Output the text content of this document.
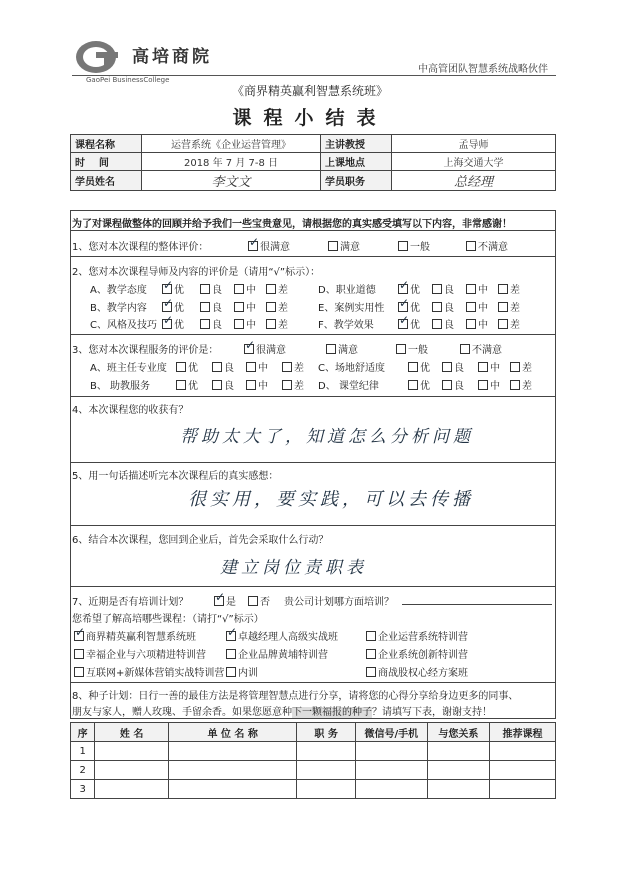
高培商院
GaoPei BusinessCollege
中高管团队智慧系统战略伙伴
《商界精英赢利智慧系统班》
课程小结表
课程名称	运营系统《企业运营管理》	主讲教授	孟导师
时    间	2018 年 7 月 7-8 日	上课地点	上海交通大学
学员姓名	李文文	学员职务	总经理
为了对课程做整体的回顾并给予我们一些宝贵意见，请根据您的真实感受填写以下内容，非常感谢！
1、您对本次课程的整体评价： ✓	很满意	满意	一般	不满意
2、您对本次课程导师及内容的评价是（请用“√”标示）：
A、教学态度 ✓	优	良	中	差
B、教学内容 ✓	优	良	中	差
C、风格及技巧 ✓	优	良	中	差
D、职业道德 ✓	优	良	中	差
E、案例实用性 ✓	优	良	中	差
F、教学效果 ✓	优	良	中	差
3、您对本次课程服务的评价是： ✓	很满意	满意	一般	不满意
A、班主任专业度	优	良	中	差
B、 助教服务	优	良	中	差
C、场地舒适度	优	良	中	差
D、 课堂纪律	优	良	中	差
4、本次课程您的收获有？
帮助太大了，知道怎么分析问题
5、用一句话描述听完本次课程后的真实感想：
很实用，要实践，可以去传播
6、结合本次课程，您回到企业后，首先会采取什么行动？
建立岗位责职表
7、近期是否有培训计划？ ✓	是	否 贵公司计划哪方面培训？
您希望了解高培哪些课程：（请打“√”标示）
✓商界精英赢利智慧系统班 ✓	卓越经理人高级实战班	企业运营系统特训营
幸福企业与六项精进特训营	企业品牌黄埔特训营	企业系统创新特训营
互联网+新媒体营销实战特训营	内训	商战股权心经方案班
8、种子计划：日行一善的最佳方法是将管理智慧点进行分享，请将您的心得分享给身边更多的同事、
朋友与家人，赠人玫瑰、手留余香。如果您愿意种下一颗福报的种子？请填写下表，谢谢支持！
序	姓 名	单 位 名 称	职 务	微信号/手机	与您关系	推荐课程
1						
2						
3						
